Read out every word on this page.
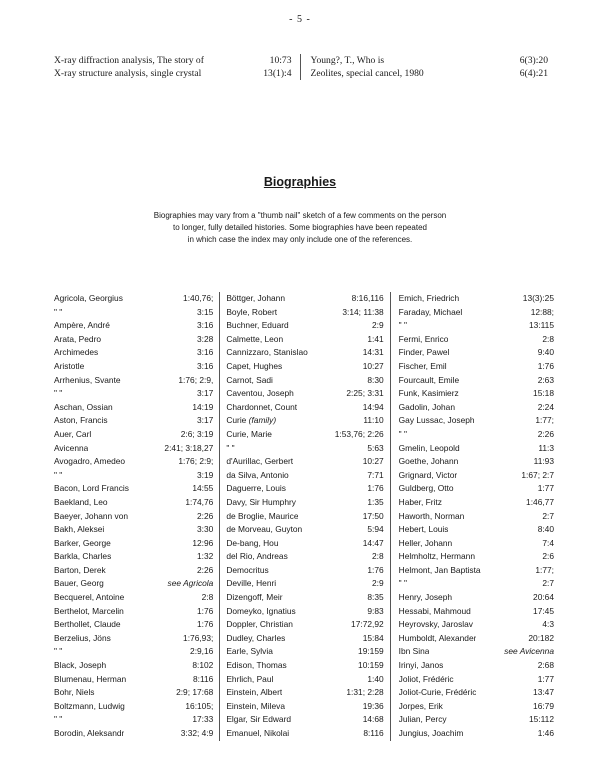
- 5 -
X-ray diffraction analysis, The story of	10:73
X-ray structure analysis, single crystal	13(1):4
Young?, T., Who is	6(3):20
Zeolites, special cancel, 1980	6(4):21
Biographies
Biographies may vary from a "thumb nail" sketch of a few comments on the person
to longer, fully detailed histories. Some biographies have been repeated
in which case the index may only include one of the references.
Agricola, Georgius	1:40,76;
" "	3:15
Ampère, André	3:16
Arata, Pedro	3:28
Archimedes	3:16
Aristotle	3:16
Arrhenius, Svante	1:76; 2:9,
" "	3:17
Aschan, Ossian	14:19
Aston, Francis	3:17
Auer, Carl	2:6; 3:19
Avicenna	2:41; 3:18,27
Avogadro, Amedeo	1:76; 2:9;
" "	3:19
Bacon, Lord Francis	14:55
Baekland, Leo	1:74,76
Baeyer, Johann von	2:26
Bakh, Aleksei	3:30
Barker, George	12:96
Barkla, Charles	1:32
Barton, Derek	2:26
Bauer, Georg	see Agricola
Becquerel, Antoine	2:8
Berthelot, Marcelin	1:76
Berthollet, Claude	1:76
Berzelius, Jöns	1:76,93;
" "	2:9,16
Black, Joseph	8:102
Blumenau, Herman	8:116
Bohr, Niels	2:9; 17:68
Boltzmann, Ludwig	16:105;
" "	17:33
Borodin, Aleksandr	3:32; 4:9
Böttger, Johann	8:16,116
Boyle, Robert	3:14; 11:38
Buchner, Eduard	2:9
Calmette, Leon	1:41
Cannizzaro, Stanislao	14:31
Capet, Hughes	10:27
Carnot, Sadi	8:30
Caventou, Joseph	2:25; 3:31
Chardonnet, Count	14:94
Curie (family)	11:10
Curie, Marie	1:53,76; 2:26
" "	5:63
d'Aurillac, Gerbert	10:27
da Silva, Antonio	7:71
Daguerre, Louis	1:76
Davy, Sir Humphry	1:35
de Broglie, Maurice	17:50
de Morveau, Guyton	5:94
De-bang, Hou	14:47
del Rio, Andreas	2:8
Democritus	1:76
Deville, Henri	2:9
Dizengoff, Meir	8:35
Domeyko, Ignatius	9:83
Doppler, Christian	17:72,92
Dudley, Charles	15:84
Earle, Sylvia	19:159
Edison, Thomas	10:159
Ehrlich, Paul	1:40
Einstein, Albert	1:31; 2:28
Einstein, Mileva	19:36
Elgar, Sir Edward	14:68
Emanuel, Nikolai	8:116
Emich, Friedrich	13(3):25
Faraday, Michael	12:88;
" "	13:115
Fermi, Enrico	2:8
Finder, Pawel	9:40
Fischer, Emil	1:76
Fourcault, Emile	2:63
Funk, Kasimierz	15:18
Gadolin, Johan	2:24
Gay Lussac, Joseph	1:77;
" "	2:26
Gmelin, Leopold	11:3
Goethe, Johann	11:93
Grignard, Victor	1:67; 2:7
Guldberg, Otto	1:77
Haber, Fritz	1:46,77
Haworth, Norman	2:7
Hebert, Louis	8:40
Heller, Johann	7:4
Helmholtz, Hermann	2:6
Helmont, Jan Baptista	1:77;
" "	2:7
Henry, Joseph	20:64
Hessabi, Mahmoud	17:45
Heyrovsky, Jaroslav	4:3
Humboldt, Alexander	20:182
Ibn Sina	see Avicenna
Irinyi, Janos	2:68
Joliot, Frédéric	1:77
Joliot-Curie, Frédéric	13:47
Jorpes, Erik	16:79
Julian, Percy	15:112
Jungius, Joachim	1:46
